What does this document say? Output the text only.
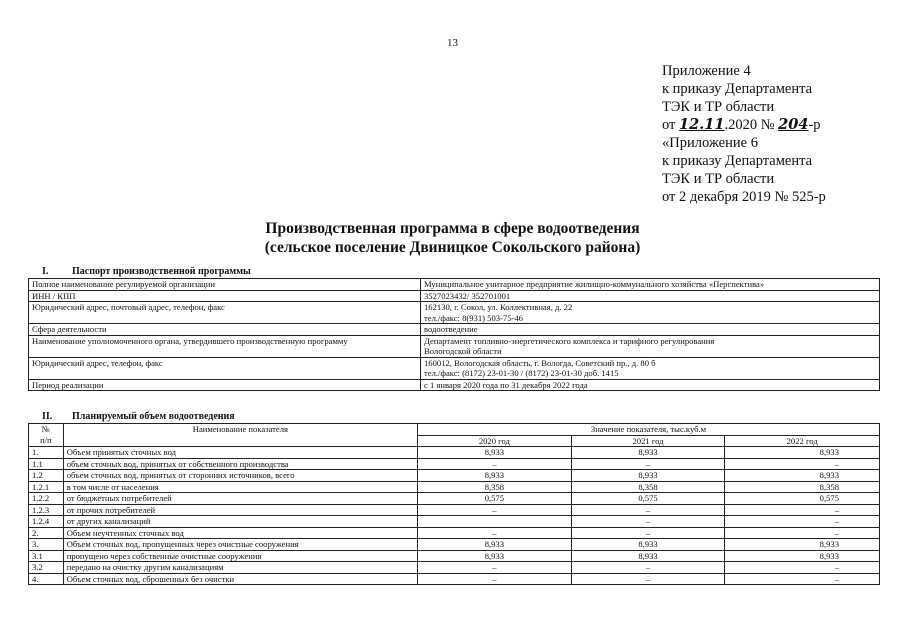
13
Приложение 4
к приказу Департамента
ТЭК и ТР области
от 12.11.2020 № 204-р
«Приложение 6
к приказу Департамента
ТЭК и ТР области
от 2 декабря 2019 № 525-р
Производственная программа в сфере водоотведения
(сельское поселение Двиницкое Сокольского района)
I. Паспорт производственной программы
Полное наименование регулируемой организации	Муниципальное унитарное предприятие жилищно-коммунального хозяйства «Перспектива»
ИНН / КПП	3527023432/ 352701001
Юридический адрес, почтовый адрес, телефон, факс	162130, г. Сокол, ул. Коллективная, д. 22
тел./факс: 8(931) 503-75-46

Сфера деятельности	водоотведение
Наименование уполномоченного органа, утвердившего производственную программу	Департамент топливно-энергетического комплекса и тарифного регулирования
Вологодской области

Юридический адрес, телефон, факс	160012, Вологодская область, г. Вологда, Советский пр., д. 80 б
тел./факс: (8172) 23-01-30 / (8172) 23-01-30 доб. 1415

Период реализации	с 1 января 2020 года по 31 декабря 2022 года
II. Планируемый объем водоотведения
№
п/п	Наименование показателя	Значение показателя, тыс.куб.м		
		2020 год	2021 год	2022 год
1.	Объем принятых сточных вод	8,933	8,933	8,933
1.1	объем сточных вод, принятых от собственного производства	–	–	–
1.2	объем сточных вод, принятых от сторонних источников, всего	8,933	8,933	8,933
1.2.1	в том числе от населения	8,358	8,358	8,358
1.2.2	от бюджетных потребителей	0,575	0,575	0,575
1.2.3	от прочих потребителей	–	–	–
1.2.4	от других канализаций		–	–
2.	Объем неучтенных сточных вод	–	–	–
3.	Объем сточных вод, пропущенных через очистные сооружения	8,933	8,933	8,933
3.1	пропущено через собственные очистные сооружения	8,933	8,933	8,933
3.2	передано на очистку другим канализациям	–	–	–
4.	Объем сточных вод, сброшенных без очистки	–	–	–
